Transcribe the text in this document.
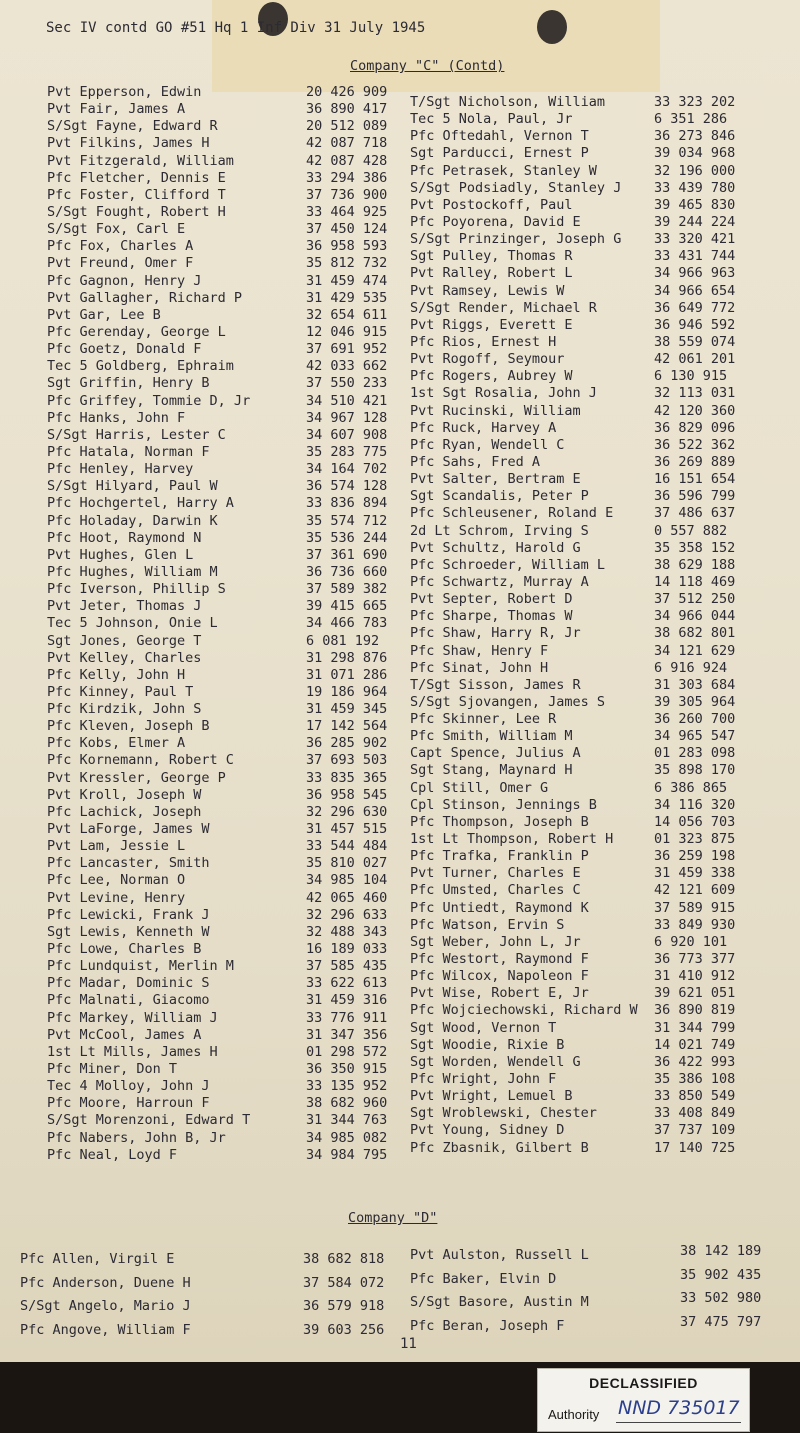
Sec IV contd GO #51 Hq 1 Inf Div 31 July 1945
Company "C" (Contd)
Pvt Epperson, Edwin
Pvt Fair, James A
S/Sgt Fayne, Edward R
Pvt Filkins, James H
Pvt Fitzgerald, William
Pfc Fletcher, Dennis E
Pfc Foster, Clifford T
S/Sgt Fought, Robert H
S/Sgt Fox, Carl E
Pfc Fox, Charles A
Pvt Freund, Omer F
Pfc Gagnon, Henry J
Pvt Gallagher, Richard P
Pvt Gar, Lee B
Pfc Gerenday, George L
Pfc Goetz, Donald F
Tec 5 Goldberg, Ephraim
Sgt Griffin, Henry B
Pfc Griffey, Tommie D, Jr
Pfc Hanks, John F
S/Sgt Harris, Lester C
Pfc Hatala, Norman F
Pfc Henley, Harvey
S/Sgt Hilyard, Paul W
Pfc Hochgertel, Harry A
Pfc Holaday, Darwin K
Pfc Hoot, Raymond N
Pvt Hughes, Glen L
Pfc Hughes, William M
Pfc Iverson, Phillip S
Pvt Jeter, Thomas J
Tec 5 Johnson, Onie L
Sgt Jones, George T
Pvt Kelley, Charles
Pfc Kelly, John H
Pfc Kinney, Paul T
Pfc Kirdzik, John S
Pfc Kleven, Joseph B
Pfc Kobs, Elmer A
Pfc Kornemann, Robert C
Pvt Kressler, George P
Pvt Kroll, Joseph W
Pfc Lachick, Joseph
Pvt LaForge, James W
Pvt Lam, Jessie L
Pfc Lancaster, Smith
Pfc Lee, Norman O
Pvt Levine, Henry
Pfc Lewicki, Frank J
Sgt Lewis, Kenneth W
Pfc Lowe, Charles B
Pfc Lundquist, Merlin M
Pfc Madar, Dominic S
Pfc Malnati, Giacomo
Pfc Markey, William J
Pvt McCool, James A
1st Lt Mills, James H
Pfc Miner, Don T
Tec 4 Molloy, John J
Pfc Moore, Harroun F
S/Sgt Morenzoni, Edward T
Pfc Nabers, John B, Jr
Pfc Neal, Loyd F
20 426 909
36 890 417
20 512 089
42 087 718
42 087 428
33 294 386
37 736 900
33 464 925
37 450 124
36 958 593
35 812 732
31 459 474
31 429 535
32 654 611
12 046 915
37 691 952
42 033 662
37 550 233
34 510 421
34 967 128
34 607 908
35 283 775
34 164 702
36 574 128
33 836 894
35 574 712
35 536 244
37 361 690
36 736 660
37 589 382
39 415 665
34 466 783
6 081 192
31 298 876
31 071 286
19 186 964
31 459 345
17 142 564
36 285 902
37 693 503
33 835 365
36 958 545
32 296 630
31 457 515
33 544 484
35 810 027
34 985 104
42 065 460
32 296 633
32 488 343
16 189 033
37 585 435
33 622 613
31 459 316
33 776 911
31 347 356
01 298 572
36 350 915
33 135 952
38 682 960
31 344 763
34 985 082
34 984 795
T/Sgt Nicholson, William
Tec 5 Nola, Paul, Jr
Pfc Oftedahl, Vernon T
Sgt Parducci, Ernest P
Pfc Petrasek, Stanley W
S/Sgt Podsiadly, Stanley J
Pvt Postockoff, Paul
Pfc Poyorena, David E
S/Sgt Prinzinger, Joseph G
Sgt Pulley, Thomas R
Pvt Ralley, Robert L
Pvt Ramsey, Lewis W
S/Sgt Render, Michael R
Pvt Riggs, Everett E
Pfc Rios, Ernest H
Pvt Rogoff, Seymour
Pfc Rogers, Aubrey W
1st Sgt Rosalia, John J
Pvt Rucinski, William
Pfc Ruck, Harvey A
Pfc Ryan, Wendell C
Pfc Sahs, Fred A
Pvt Salter, Bertram E
Sgt Scandalis, Peter P
Pfc Schleusener, Roland E
2d Lt Schrom, Irving S
Pvt Schultz, Harold G
Pfc Schroeder, William L
Pfc Schwartz, Murray A
Pvt Septer, Robert D
Pfc Sharpe, Thomas W
Pfc Shaw, Harry R, Jr
Pfc Shaw, Henry F
Pfc Sinat, John H
T/Sgt Sisson, James R
S/Sgt Sjovangen, James S
Pfc Skinner, Lee R
Pfc Smith, William M
Capt Spence, Julius A
Sgt Stang, Maynard H
Cpl Still, Omer G
Cpl Stinson, Jennings B
Pfc Thompson, Joseph B
1st Lt Thompson, Robert H
Pfc Trafka, Franklin P
Pvt Turner, Charles E
Pfc Umsted, Charles C
Pfc Untiedt, Raymond K
Pfc Watson, Ervin S
Sgt Weber, John L, Jr
Pfc Westort, Raymond F
Pfc Wilcox, Napoleon F
Pvt Wise, Robert E, Jr
Pfc Wojciechowski, Richard W
Sgt Wood, Vernon T
Sgt Woodie, Rixie B
Sgt Worden, Wendell G
Pfc Wright, John F
Pvt Wright, Lemuel B
Sgt Wroblewski, Chester
Pvt Young, Sidney D
Pfc Zbasnik, Gilbert B
33 323 202
6 351 286
36 273 846
39 034 968
32 196 000
33 439 780
39 465 830
39 244 224
33 320 421
33 431 744
34 966 963
34 966 654
36 649 772
36 946 592
38 559 074
42 061 201
6 130 915
32 113 031
42 120 360
36 829 096
36 522 362
36 269 889
16 151 654
36 596 799
37 486 637
0 557 882
35 358 152
38 629 188
14 118 469
37 512 250
34 966 044
38 682 801
34 121 629
6 916 924
31 303 684
39 305 964
36 260 700
34 965 547
01 283 098
35 898 170
6 386 865
34 116 320
14 056 703
01 323 875
36 259 198
31 459 338
42 121 609
37 589 915
33 849 930
6 920 101
36 773 377
31 410 912
39 621 051
36 890 819
31 344 799
14 021 749
36 422 993
35 386 108
33 850 549
33 408 849
37 737 109
17 140 725
Company "D"
Pfc Allen, Virgil E
Pfc Anderson, Duene H
S/Sgt Angelo, Mario J
Pfc Angove, William F
38 682 818
37 584 072
36 579 918
39 603 256
Pvt Aulston, Russell L
Pfc Baker, Elvin D
S/Sgt Basore, Austin M
Pfc Beran, Joseph F
38 142 189
35 902 435
33 502 980
37 475 797
11
DECLASSIFIED
Authority NND 735017
